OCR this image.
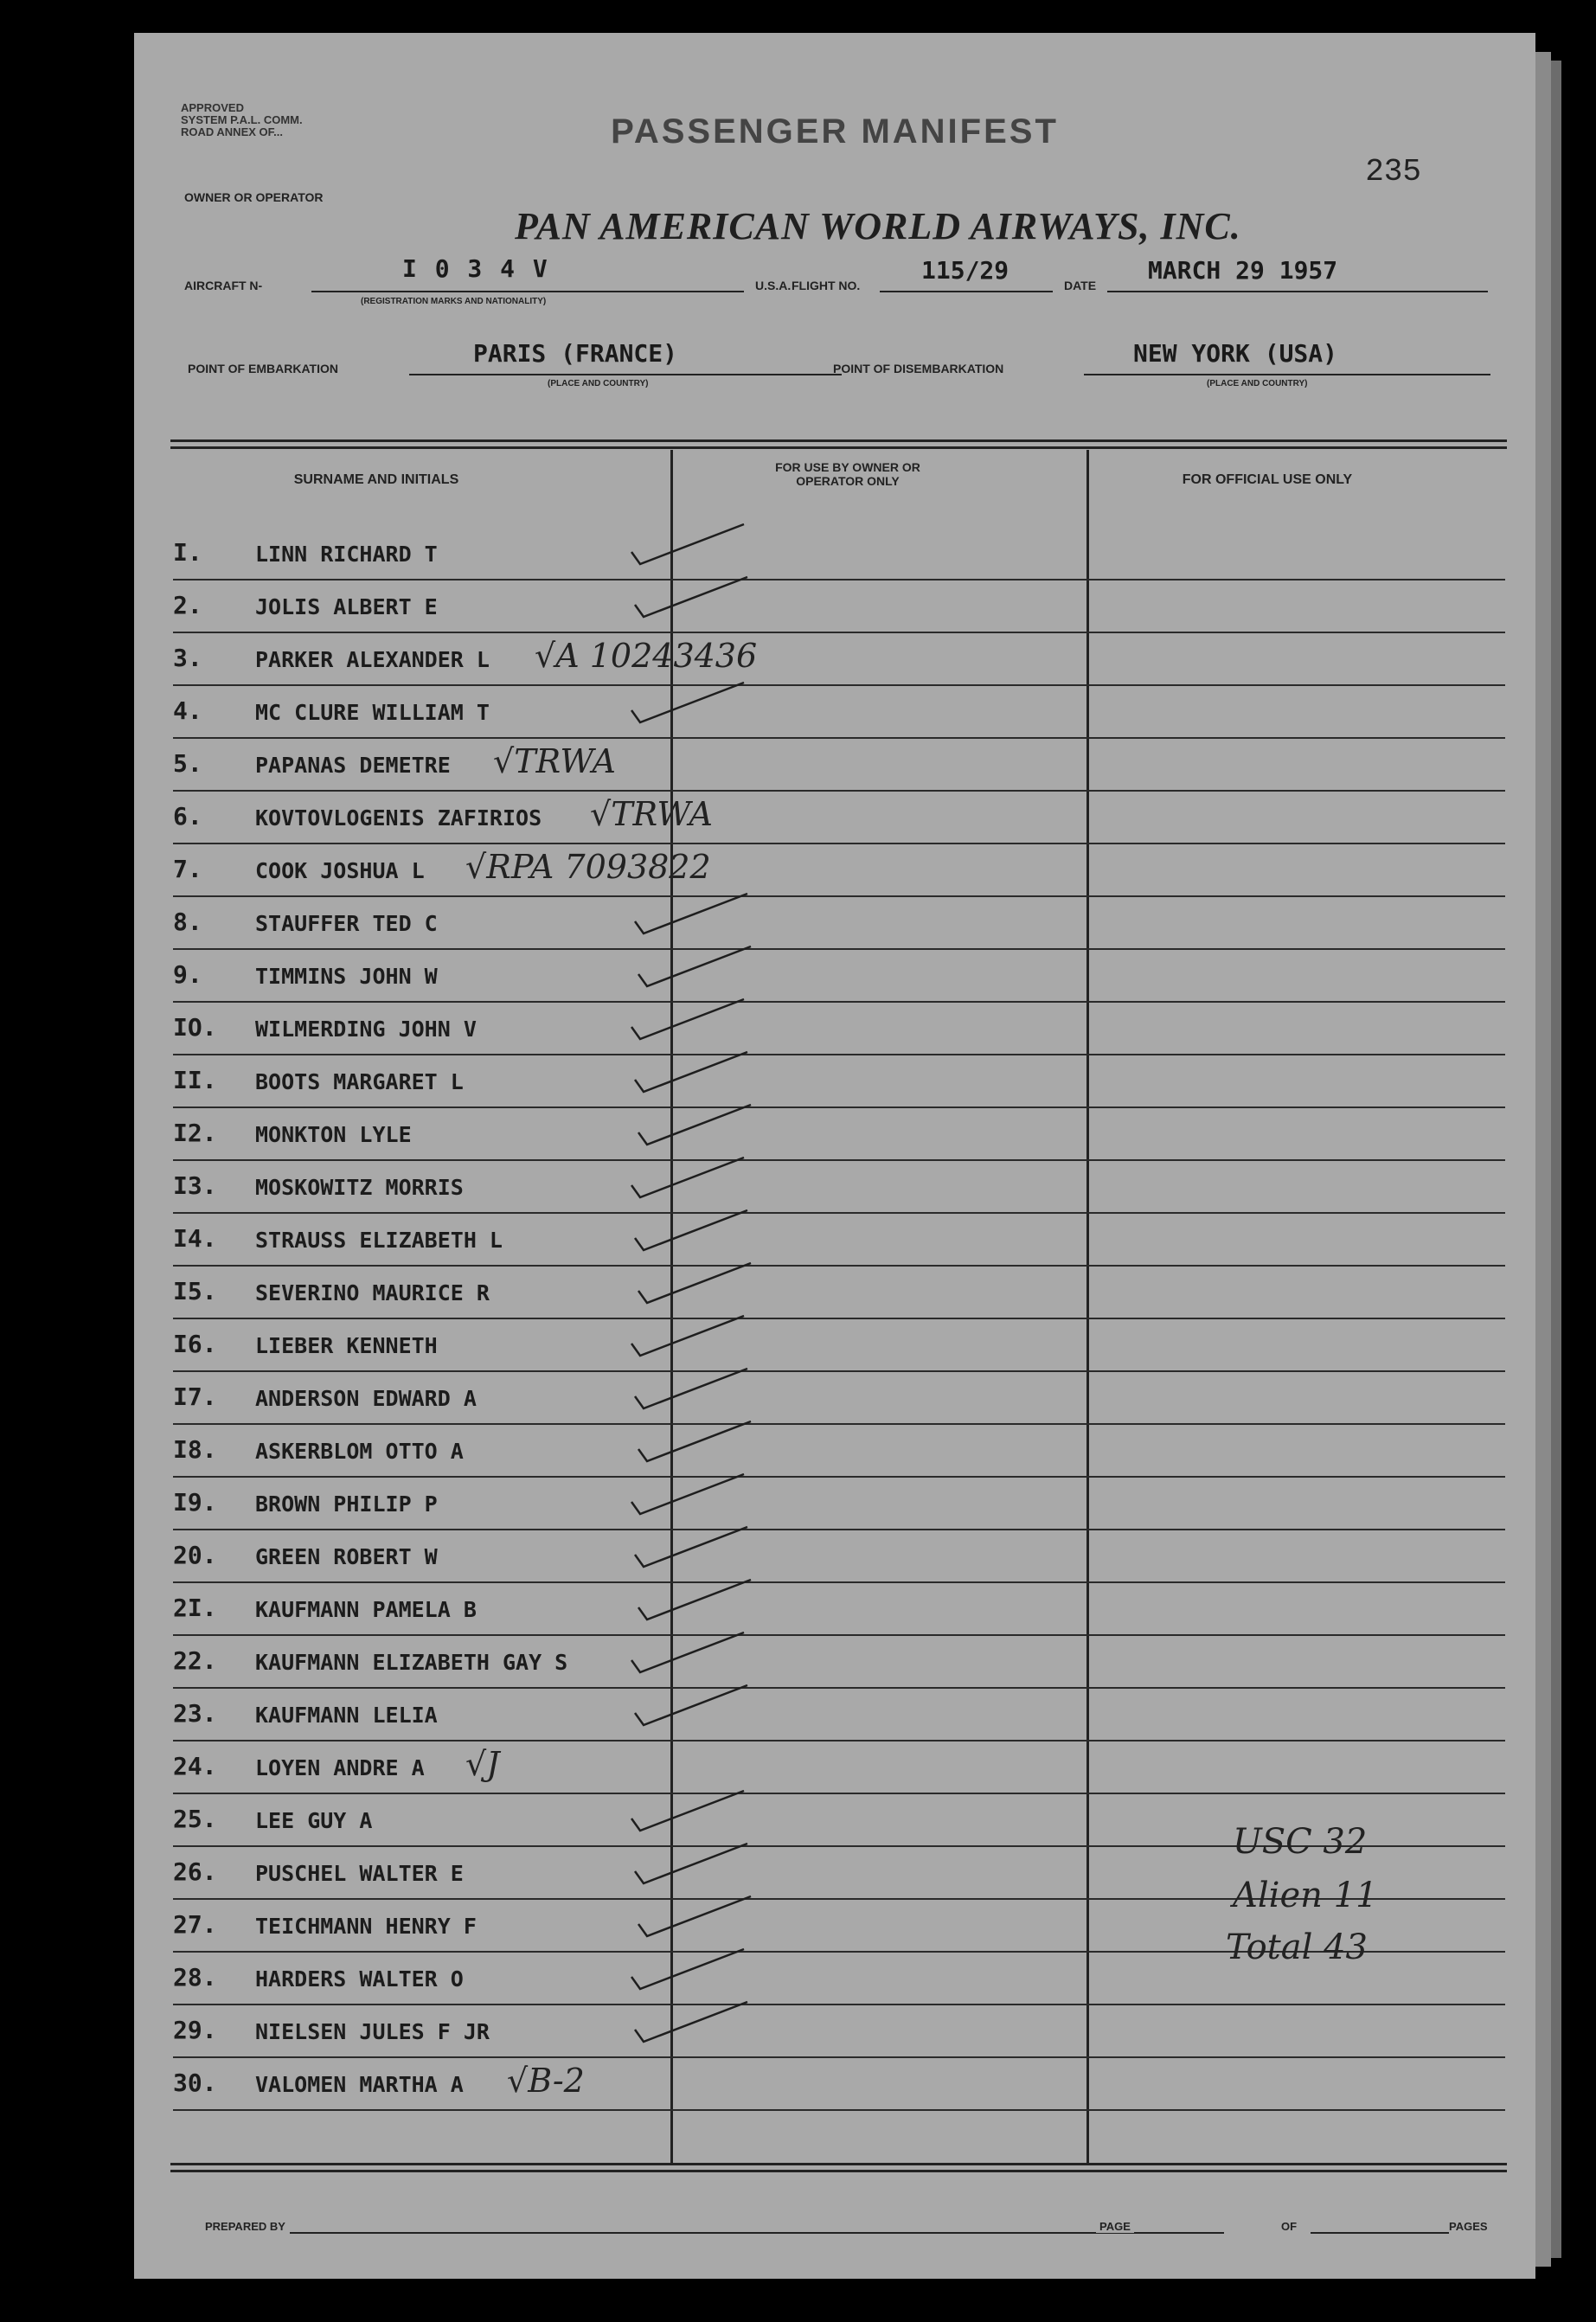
APPROVED
SYSTEM P.A.L. COMM.
ROAD ANNEX OF...	PASSENGER MANIFEST
235
OWNER OR OPERATOR
PAN AMERICAN WORLD AIRWAYS, INC.
AIRCRAFT N-
I 0 3 4 V
(REGISTRATION MARKS AND NATIONALITY)
U.S.A. FLIGHT NO.
115/29
DATE
MARCH 29 1957
POINT OF EMBARKATION
PARIS (FRANCE)
(PLACE AND COUNTRY)
POINT OF DISEMBARKATION
NEW YORK (USA)
(PLACE AND COUNTRY)
SURNAME AND INITIALS
FOR USE BY OWNER OR OPERATOR ONLY	FOR OFFICIAL USE ONLY
I. LINN RICHARD T
2. JOLIS ALBERT E
3. PARKER ALEXANDER L √A 10243436
4. MC CLURE WILLIAM T
5. PAPANAS DEMETRE √TRWA
6. KOVTOVLOGENIS ZAFIRIOS √TRWA
7. COOK JOSHUA L √RPA 7093822
8. STAUFFER TED C
9. TIMMINS JOHN W
IO. WILMERDING JOHN V
II. BOOTS MARGARET L
I2. MONKTON LYLE
I3. MOSKOWITZ MORRIS
I4. STRAUSS ELIZABETH L
I5. SEVERINO MAURICE R
I6. LIEBER KENNETH
I7. ANDERSON EDWARD A
I8. ASKERBLOM OTTO A
I9. BROWN PHILIP P
20. GREEN ROBERT W
2I. KAUFMANN PAMELA B
22. KAUFMANN ELIZABETH GAY S
23. KAUFMANN LELIA
24. LOYEN ANDRE A √J
25. LEE GUY A
26. PUSCHEL WALTER E
27. TEICHMANN HENRY F
28. HARDERS WALTER O
29. NIELSEN JULES F JR
30. VALOMEN MARTHA A √B-2
USC 32
Alien 11
Total 43
PREPARED BY	PAGE	OF	PAGES
